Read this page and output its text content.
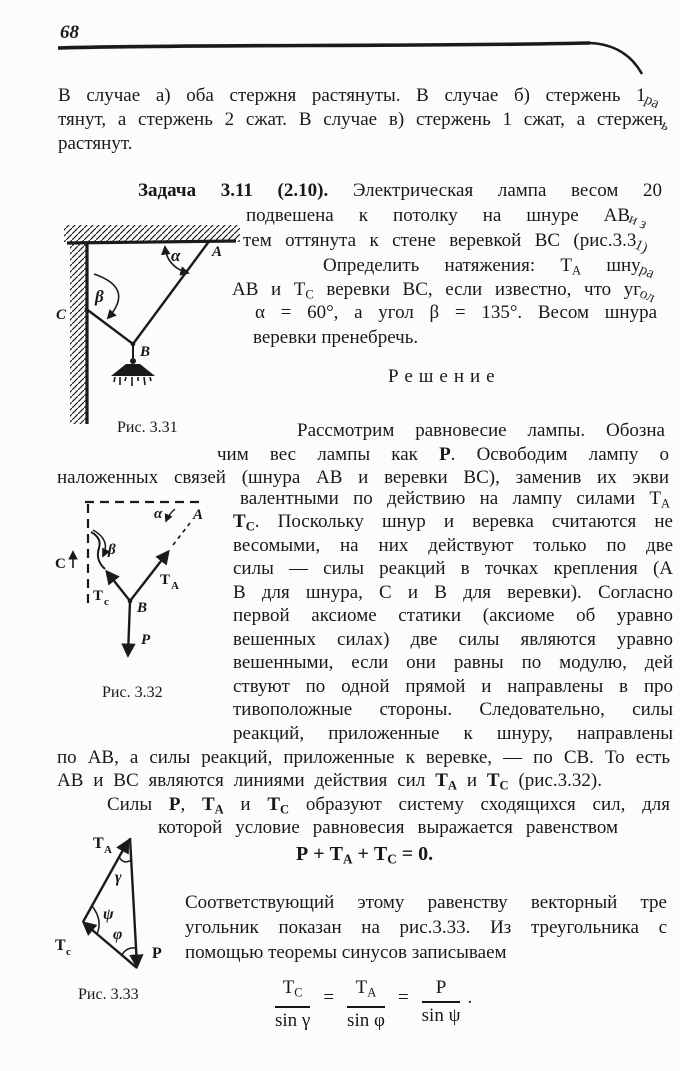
68
В случае а) оба стержня растянуты. В случае б) стержень 1ра
тянут, а стержень 2 сжат. В случае в) стержень 1 сжат, а стержень
растянут.
Задача 3.11 (2.10). Электрическая лампа весом 20
подвешена к потолку на шнуре АВи з
тем оттянута к стене веревкой ВС (рис.3.31)
Определить натяжения: ТА шнура
АВ и ТС веревки ВС, если известно, что угол
α = 60°, а угол β = 135°. Весом шнура
веревки пренебречь.
α A
β
C
B
Рис. 3.31
Решение
Рассмотрим равновесие лампы. Обозна
чим вес лампы как Р. Освободим лампу о
наложенных связей (шнура АВ и веревки ВС), заменив их экви
α A
β
C
Т с
Т А
B
P
Рис. 3.32
валентными по действию на лампу силами ТА
ТС. Поскольку шнур и веревка считаются не
весомыми, на них действуют только по две
силы — силы реакций в точках крепления (А
В для шнура, С и В для веревки). Согласно
первой аксиоме статики (аксиоме об уравно
вешенных силах) две силы являются уравно
вешенными, если они равны по модулю, дей
ствуют по одной прямой и направлены в про
тивоположные стороны. Следовательно, силы
реакций, приложенные к шнуру, направлены
по АВ, а силы реакций, приложенные к веревке, — по СВ. То есть
АВ и ВС являются линиями действия сил ТА и ТС (рис.3.32).
Силы Р, ТА и ТС образуют систему сходящихся сил, для
которой условие равновесия выражается равенством
Р + ТА + ТС = 0.
γ
ψ
φ
Т А
Т с	P
Рис. 3.33
Соответствующий этому равенству векторный тре
угольник показан на рис.3.33. Из треугольника с
помощью теоремы синусов записываем
$\frac{ТС}{\text{sin γ}} = \frac{ТА}{\text{sin φ}} = \frac{Р}{\text{sin ψ}}$ .
